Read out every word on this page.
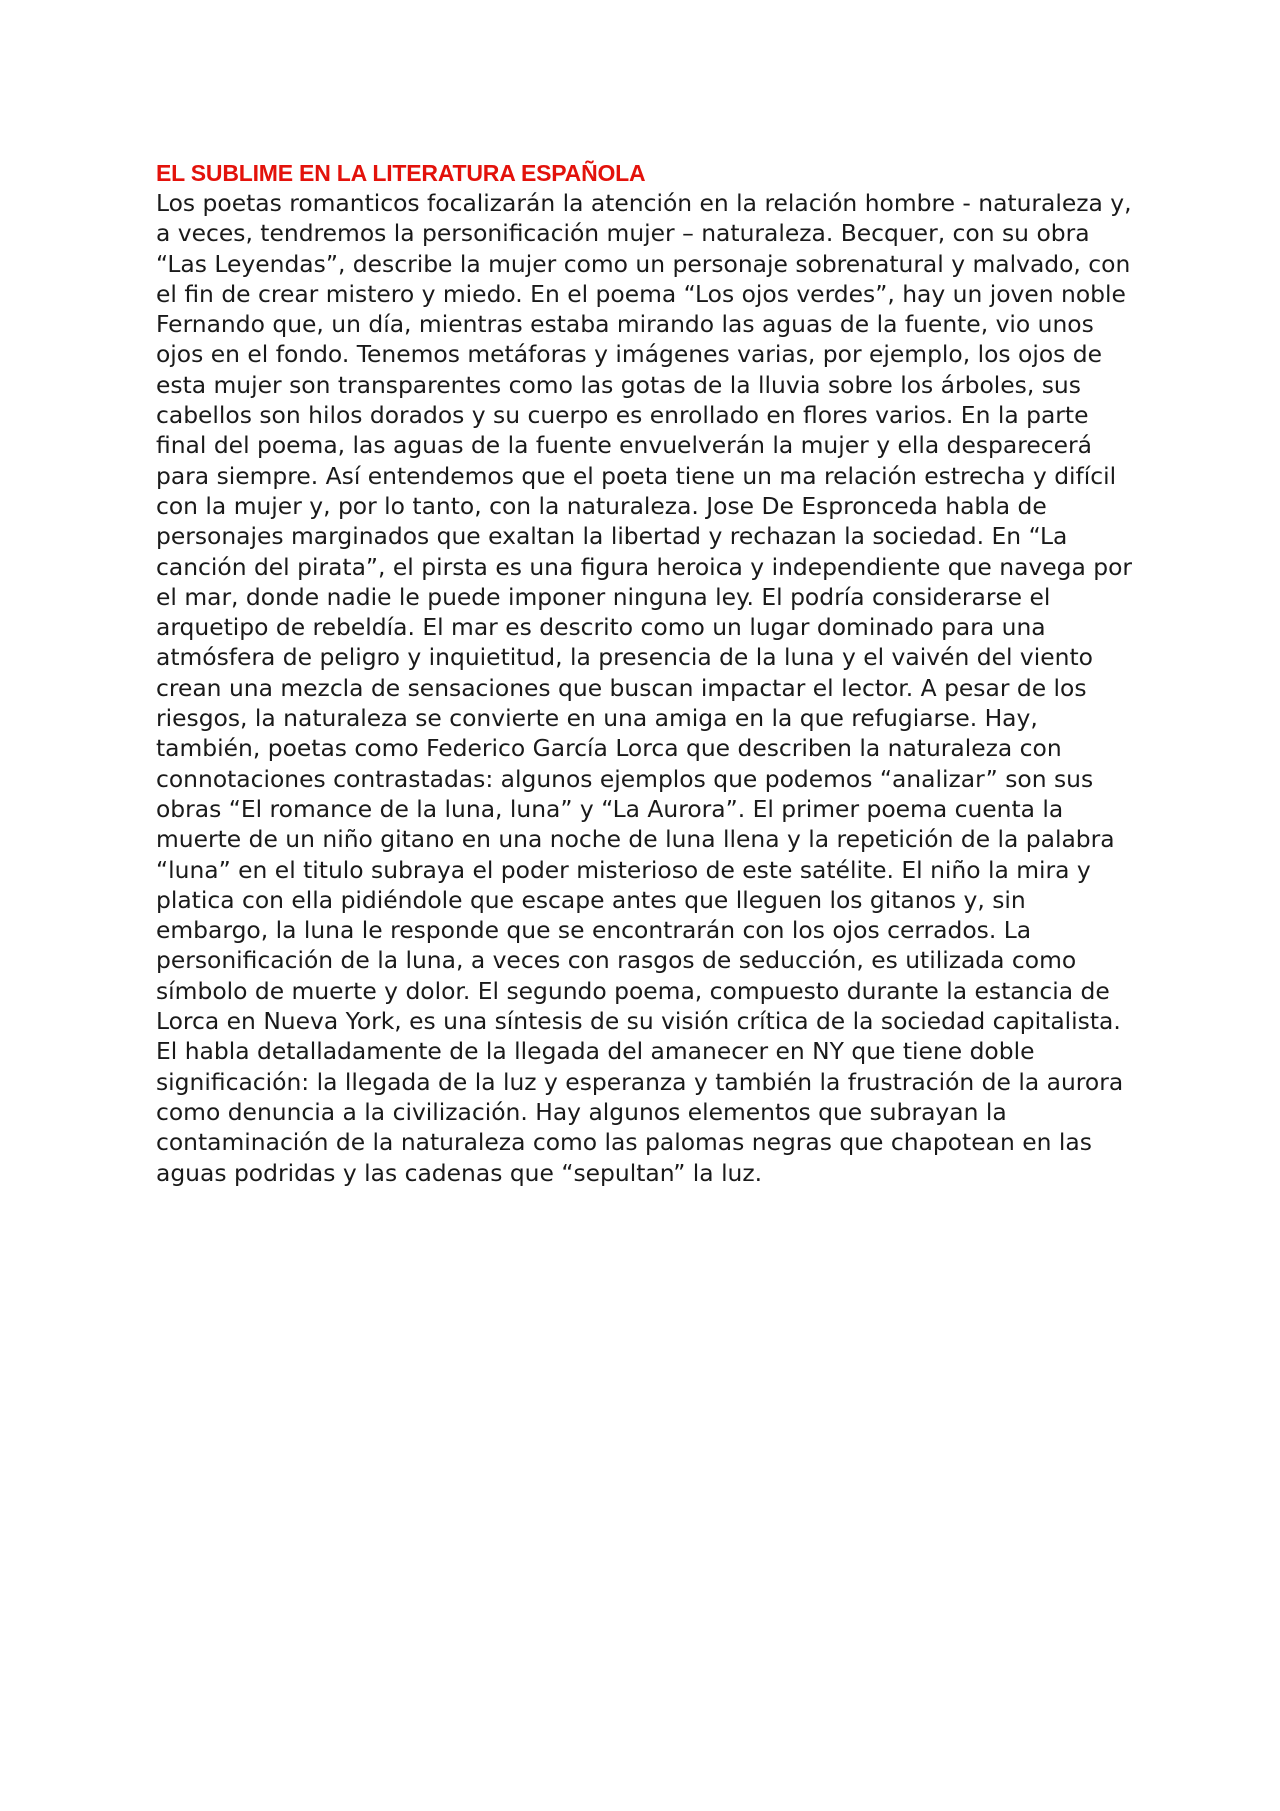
EL SUBLIME EN LA LITERATURA ESPAÑOLA

Los poetas romanticos focalizarán la atención en la relación hombre - naturaleza y, a veces, tendremos la personificación mujer – naturaleza. Becquer, con su obra “Las Leyendas”, describe la mujer como un personaje sobrenatural y malvado, con el fin de crear mistero y miedo. En el poema “Los ojos verdes”, hay un joven noble Fernando que, un día, mientras estaba mirando las aguas de la fuente, vio unos ojos en el fondo. Tenemos metáforas y imágenes varias, por ejemplo, los ojos de esta mujer son transparentes como las gotas de la lluvia sobre los árboles, sus cabellos son hilos dorados y su cuerpo es enrollado en flores varios. En la parte final del poema, las aguas de la fuente envuelverán la mujer y ella desparecerá para siempre. Así entendemos que el poeta tiene un ma relación estrecha y difícil con la mujer y, por lo tanto, con la naturaleza. Jose De Espronceda habla de personajes marginados que exaltan la libertad y rechazan la sociedad. En “La canción del pirata”, el pirsta es una figura heroica y independiente que navega por el mar, donde nadie le puede imponer ninguna ley. El podría considerarse el arquetipo de rebeldía. El mar es descrito como un lugar dominado para una atmósfera de peligro y inquietitud, la presencia de la luna y el vaivén del viento crean una mezcla de sensaciones que buscan impactar el lector. A pesar de los riesgos, la naturaleza se convierte en una amiga en la que refugiarse. Hay, también, poetas como Federico García Lorca que describen la naturaleza con connotaciones contrastadas: algunos ejemplos que podemos “analizar” son sus obras “El romance de la luna, luna” y “La Aurora”. El primer poema cuenta la muerte de un niño gitano en una noche de luna llena y la repetición de la palabra “luna” en el titulo subraya el poder misterioso de este satélite. El niño la mira y platica con ella pidiéndole que escape antes que lleguen los gitanos y, sin embargo, la luna le responde que se encontrarán con los ojos cerrados. La personificación de la luna, a veces con rasgos de seducción, es utilizada como símbolo de muerte y dolor. El segundo poema, compuesto durante la estancia de Lorca en Nueva York, es una síntesis de su visión crítica de la sociedad capitalista. El habla detalladamente de la llegada del amanecer en NY que tiene doble significación: la llegada de la luz y esperanza y también la frustración de la aurora como denuncia a la civilización. Hay algunos elementos que subrayan la contaminación de la naturaleza como las palomas negras que chapotean en las aguas podridas y las cadenas que “sepultan” la luz.
